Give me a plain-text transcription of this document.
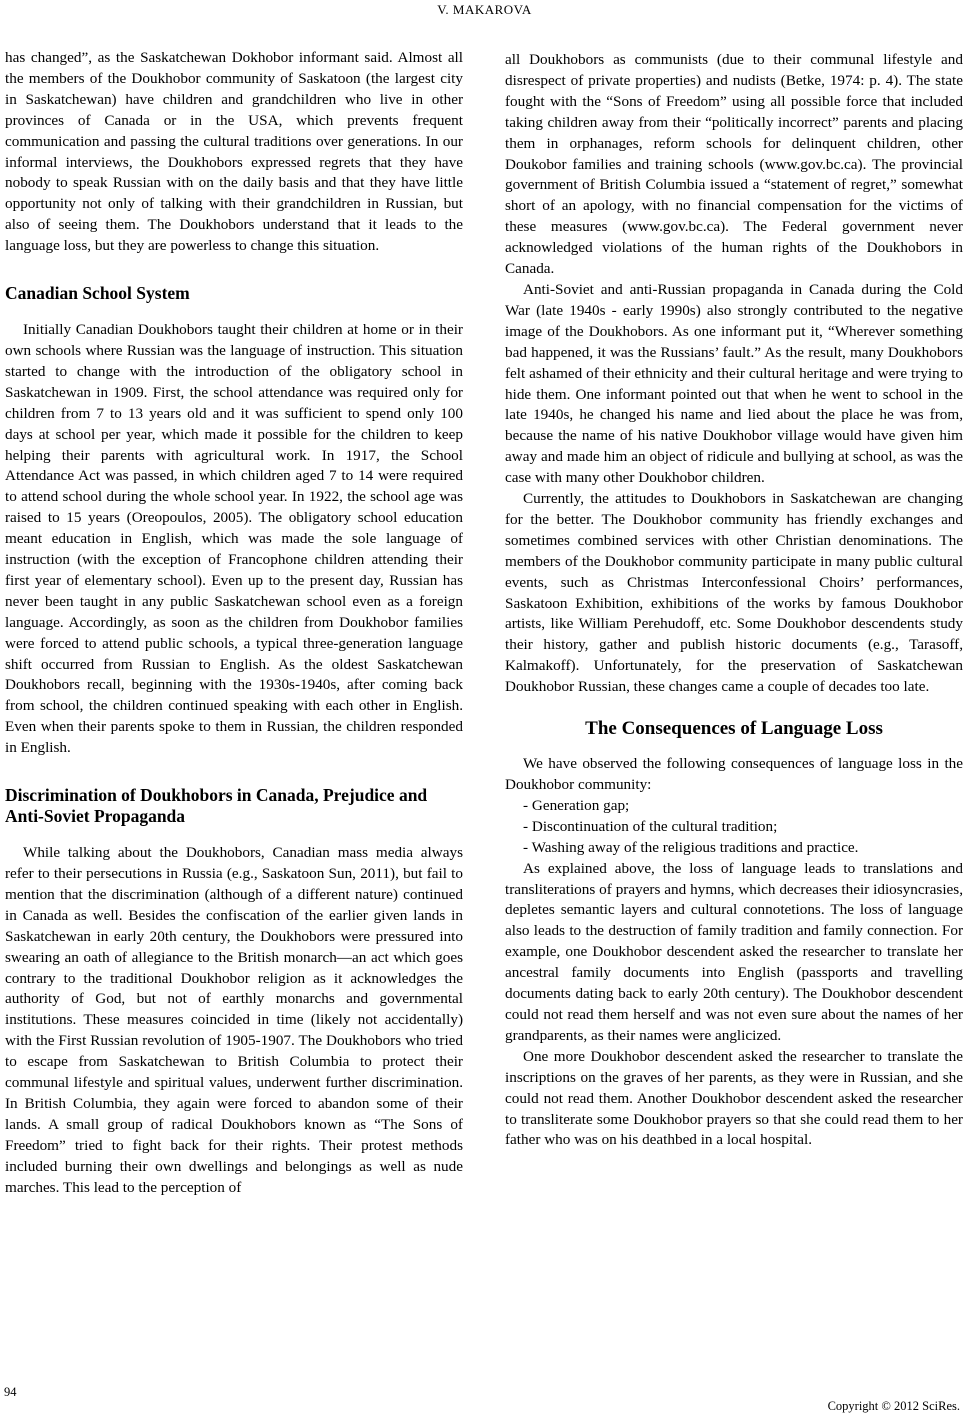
V. MAKAROVA

has changed”, as the Saskatchewan Dokhobor informant said. Almost all the members of the Doukhobor community of Saskatoon (the largest city in Saskatchewan) have children and grandchildren who live in other provinces of Canada or in the USA, which prevents frequent communication and passing the cultural traditions over generations. In our informal interviews, the Doukhobors expressed regrets that they have nobody to speak Russian with on the daily basis and that they have little opportunity not only of talking with their grandchildren in Russian, but also of seeing them. The Doukhobors understand that it leads to the language loss, but they are powerless to change this situation.

Canadian School System

Initially Canadian Doukhobors taught their children at home or in their own schools where Russian was the language of instruction. This situation started to change with the introduction of the obligatory school in Saskatchewan in 1909. First, the school attendance was required only for children from 7 to 13 years old and it was sufficient to spend only 100 days at school per year, which made it possible for the children to keep helping their parents with agricultural work. In 1917, the School Attendance Act was passed, in which children aged 7 to 14 were required to attend school during the whole school year. In 1922, the school age was raised to 15 years (Oreopoulos, 2005). The obligatory school education meant education in English, which was made the sole language of instruction (with the exception of Francophone children attending their first year of elementary school). Even up to the present day, Russian has never been taught in any public Saskatchewan school even as a foreign language. Accordingly, as soon as the children from Doukhobor families were forced to attend public schools, a typical three-generation language shift occurred from Russian to English. As the oldest Saskatchewan Doukhobors recall, beginning with the 1930s-1940s, after coming back from school, the children continued speaking with each other in English. Even when their parents spoke to them in Russian, the children responded in English.

Discrimination of Doukhobors in Canada, Prejudice and Anti-Soviet Propaganda

While talking about the Doukhobors, Canadian mass media always refer to their persecutions in Russia (e.g., Saskatoon Sun, 2011), but fail to mention that the discrimination (although of a different nature) continued in Canada as well. Besides the confiscation of the earlier given lands in Saskatchewan in early 20th century, the Doukhobors were pressured into swearing an oath of allegiance to the British monarch—an act which goes contrary to the traditional Doukhobor religion as it acknowledges the authority of God, but not of earthly monarchs and governmental institutions. These measures coincided in time (likely not accidentally) with the First Russian revolution of 1905-1907. The Doukhobors who tried to escape from Saskatchewan to British Columbia to protect their communal lifestyle and spiritual values, underwent further discrimination. In British Columbia, they again were forced to abandon some of their lands. A small group of radical Doukhobors known as “The Sons of Freedom” tried to fight back for their rights. Their protest methods included burning their own dwellings and belongings as well as nude marches. This lead to the perception of

all Doukhobors as communists (due to their communal lifestyle and disrespect of private properties) and nudists (Betke, 1974: p. 4). The state fought with the “Sons of Freedom” using all possible force that included taking children away from their “politically incorrect” parents and placing them in orphanages, reform schools for delinquent children, other Doukobor families and training schools (www.gov.bc.ca). The provincial government of British Columbia issued a “statement of regret,” somewhat short of an apology, with no financial compensation for the victims of these measures (www.gov.bc.ca). The Federal government never acknowledged violations of the human rights of the Doukhobors in Canada.

Anti-Soviet and anti-Russian propaganda in Canada during the Cold War (late 1940s - early 1990s) also strongly contributed to the negative image of the Doukhobors. As one informant put it, “Wherever something bad happened, it was the Russians’ fault.” As the result, many Doukhobors felt ashamed of their ethnicity and their cultural heritage and were trying to hide them. One informant pointed out that when he went to school in the late 1940s, he changed his name and lied about the place he was from, because the name of his native Doukhobor village would have given him away and made him an object of ridicule and bullying at school, as was the case with many other Doukhobor children.

Currently, the attitudes to Doukhobors in Saskatchewan are changing for the better. The Doukhobor community has friendly exchanges and sometimes combined services with other Christian denominations. The members of the Doukhobor community participate in many public cultural events, such as Christmas Interconfessional Choirs’ performances, Saskatoon Exhibition, exhibitions of the works by famous Doukhobor artists, like William Perehudoff, etc. Some Doukhobor descendents study their history, gather and publish historic documents (e.g., Tarasoff, Kalmakoff). Unfortunately, for the preservation of Saskatchewan Doukhobor Russian, these changes came a couple of decades too late.

The Consequences of Language Loss

We have observed the following consequences of language loss in the Doukhobor community:

- Generation gap;

- Discontinuation of the cultural tradition;

- Washing away of the religious traditions and practice.

As explained above, the loss of language leads to translations and transliterations of prayers and hymns, which decreases their idiosyncrasies, depletes semantic layers and cultural connotetions. The loss of language also leads to the destruction of family tradition and family connection. For example, one Doukhobor descendent asked the researcher to translate her ancestral family documents into English (passports and travelling documents dating back to early 20th century). The Doukhobor descendent could not read them herself and was not even sure about the names of her grandparents, as their names were anglicized.

One more Doukhobor descendent asked the researcher to translate the inscriptions on the graves of her parents, as they were in Russian, and she could not read them. Another Doukhobor descendent asked the researcher to transliterate some Doukhobor prayers so that she could read them to her father who was on his deathbed in a local hospital.

94
Copyright © 2012 SciRes.
